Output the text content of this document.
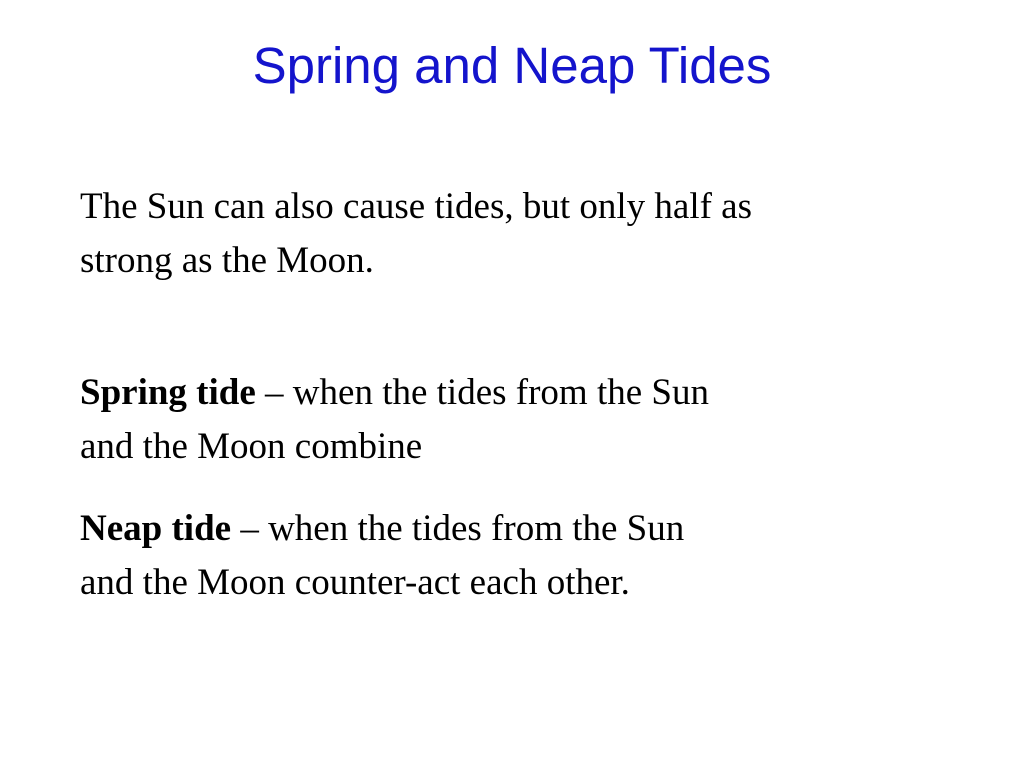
Spring and Neap Tides

The Sun can also cause tides, but only half as
strong as the Moon.

Spring tide – when the tides from the Sun
and the Moon combine

Neap tide – when the tides from the Sun
and the Moon counter-act each other.
